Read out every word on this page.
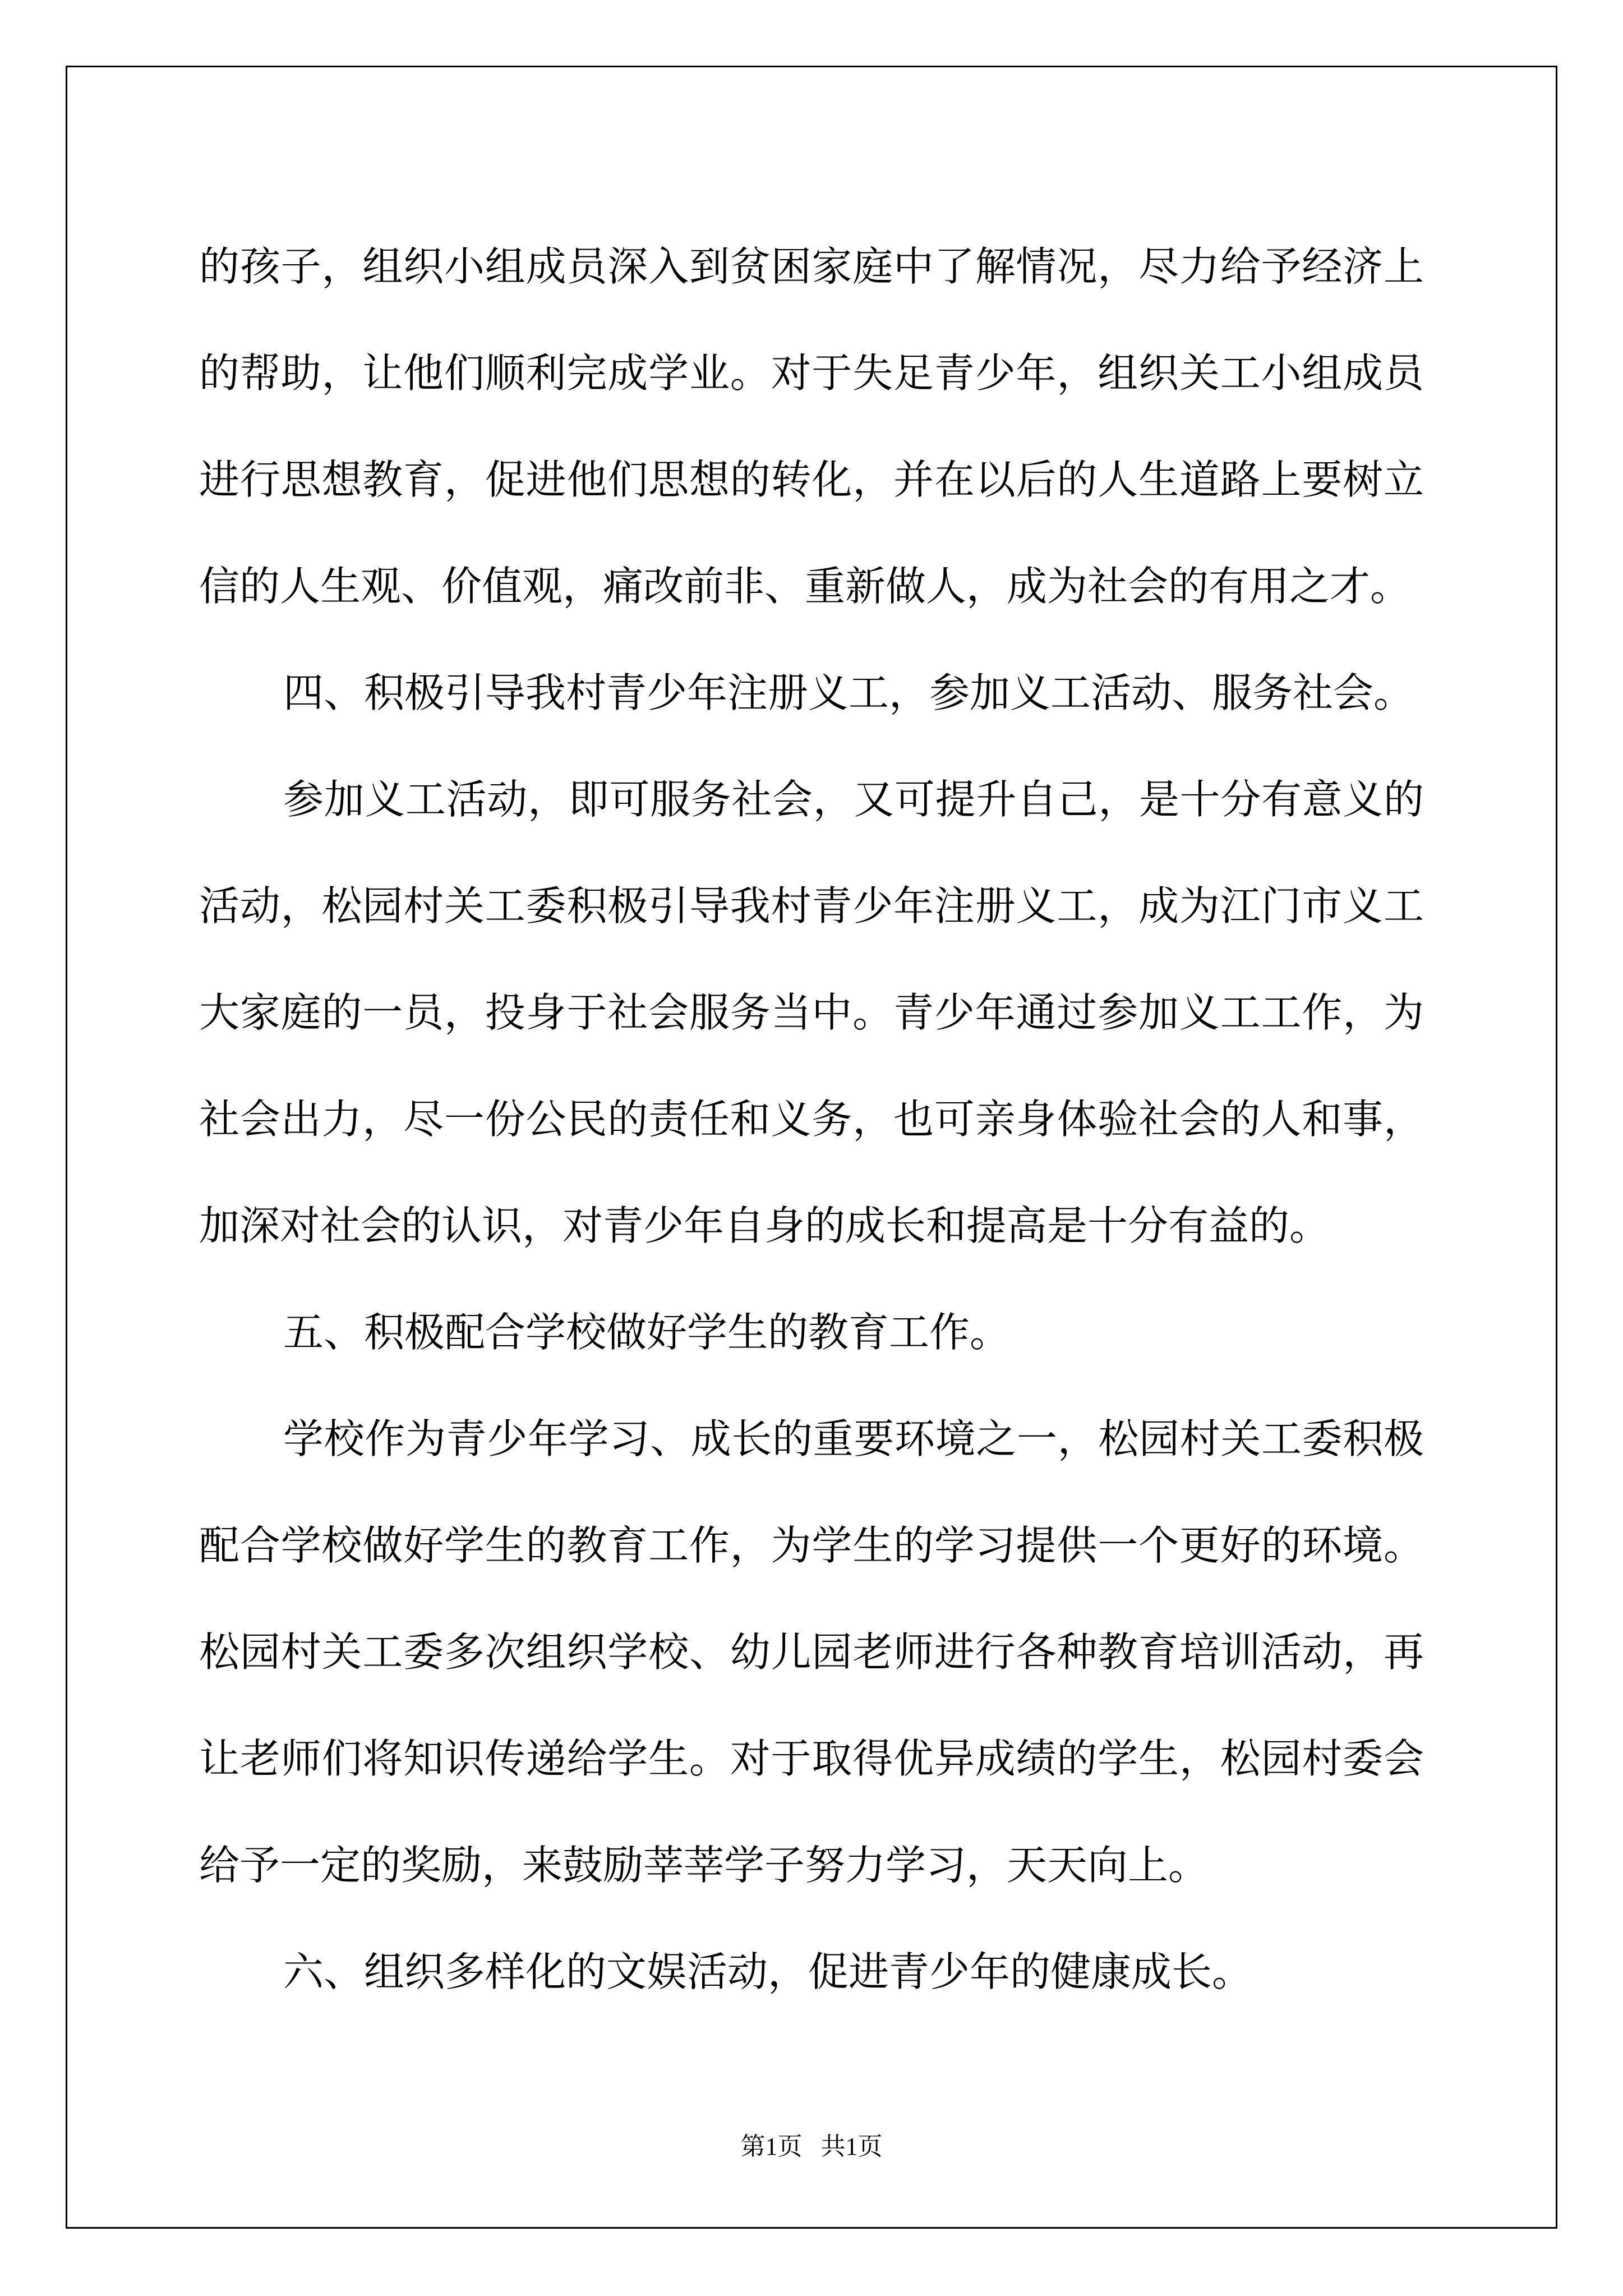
的孩子，组织小组成员深入到贫困家庭中了解情况，尽力给予经济上的帮助，让他们顺利完成学业。对于失足青少年，组织关工小组成员进行思想教育，促进他们思想的转化，并在以后的人生道路上要树立信的人生观、价值观，痛改前非、重新做人，成为社会的有用之才。

四、积极引导我村青少年注册义工，参加义工活动、服务社会。

参加义工活动，即可服务社会，又可提升自己，是十分有意义的活动，松园村关工委积极引导我村青少年注册义工，成为江门市义工大家庭的一员，投身于社会服务当中。青少年通过参加义工工作，为社会出力，尽一份公民的责任和义务，也可亲身体验社会的人和事，加深对社会的认识，对青少年自身的成长和提高是十分有益的。

五、积极配合学校做好学生的教育工作。

学校作为青少年学习、成长的重要环境之一，松园村关工委积极配合学校做好学生的教育工作，为学生的学习提供一个更好的环境。松园村关工委多次组织学校、幼儿园老师进行各种教育培训活动，再让老师们将知识传递给学生。对于取得优异成绩的学生，松园村委会给予一定的奖励，来鼓励莘莘学子努力学习，天天向上。

六、组织多样化的文娱活动，促进青少年的健康成长。

第1页   共1页
